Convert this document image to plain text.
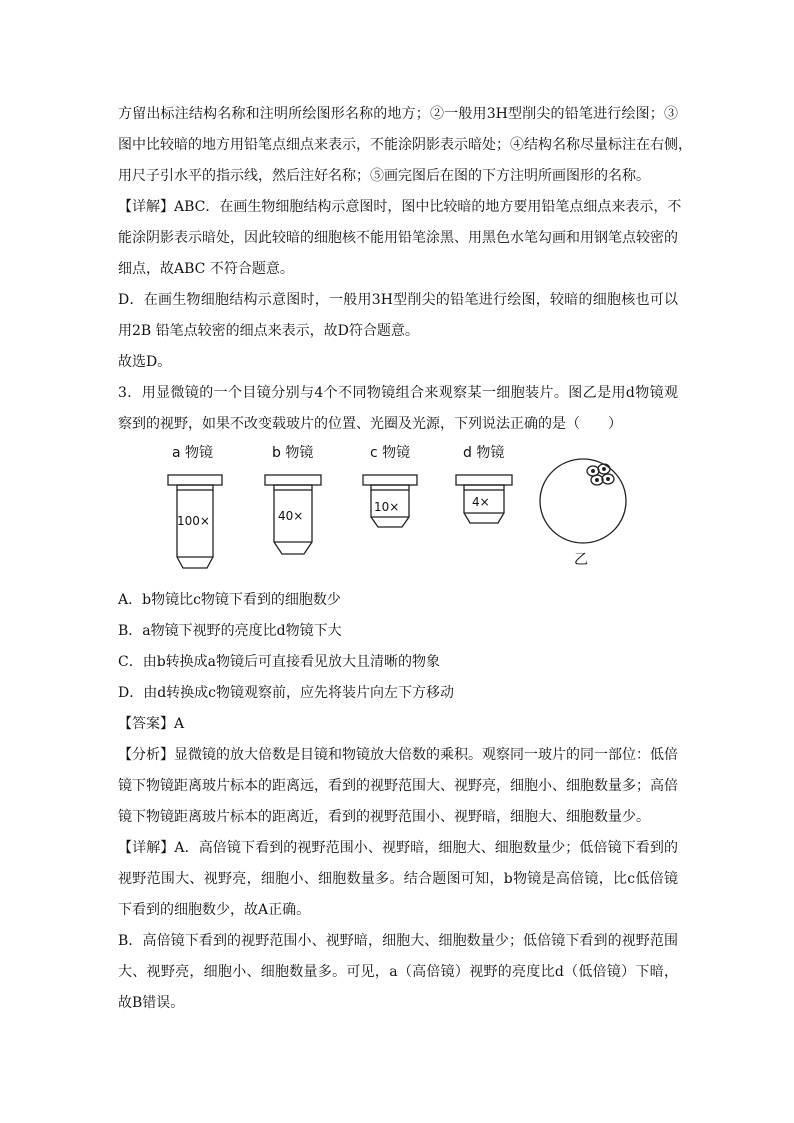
方留出标注结构名称和注明所绘图形名称的地方；②一般用3H型削尖的铅笔进行绘图；③
图中比较暗的地方用铅笔点细点来表示，不能涂阴影表示暗处；④结构名称尽量标注在右侧，
用尺子引水平的指示线，然后注好名称；⑤画完图后在图的下方注明所画图形的名称。
【详解】ABC．在画生物细胞结构示意图时，图中比较暗的地方要用铅笔点细点来表示，不
能涂阴影表示暗处，因此较暗的细胞核不能用铅笔涂黑、用黑色水笔勾画和用钢笔点较密的
细点，故ABC 不符合题意。
D．在画生物细胞结构示意图时，一般用3H型削尖的铅笔进行绘图，较暗的细胞核也可以
用2B 铅笔点较密的细点来表示，故D符合题意。
故选D。
3．用显微镜的一个目镜分别与4个不同物镜组合来观察某一细胞装片。图乙是用d物镜观
察到的视野，如果不改变载玻片的位置、光圈及光源，下列说法正确的是（　　）
a 物镜	b 物镜	c 物镜	d 物镜
100×	40×
10×	4×
乙
A．b物镜比c物镜下看到的细胞数少
B．a物镜下视野的亮度比d物镜下大
C．由b转换成a物镜后可直接看见放大且清晰的物象
D．由d转换成c物镜观察前，应先将装片向左下方移动
【答案】A
【分析】显微镜的放大倍数是目镜和物镜放大倍数的乘积。观察同一玻片的同一部位：低倍
镜下物镜距离玻片标本的距离远，看到的视野范围大、视野亮，细胞小、细胞数量多；高倍
镜下物镜距离玻片标本的距离近，看到的视野范围小、视野暗，细胞大、细胞数量少。
【详解】A．高倍镜下看到的视野范围小、视野暗，细胞大、细胞数量少；低倍镜下看到的
视野范围大、视野亮，细胞小、细胞数量多。结合题图可知，b物镜是高倍镜，比c低倍镜
下看到的细胞数少，故A正确。
B．高倍镜下看到的视野范围小、视野暗，细胞大、细胞数量少；低倍镜下看到的视野范围
大、视野亮，细胞小、细胞数量多。可见，a（高倍镜）视野的亮度比d（低倍镜）下暗，
故B错误。
